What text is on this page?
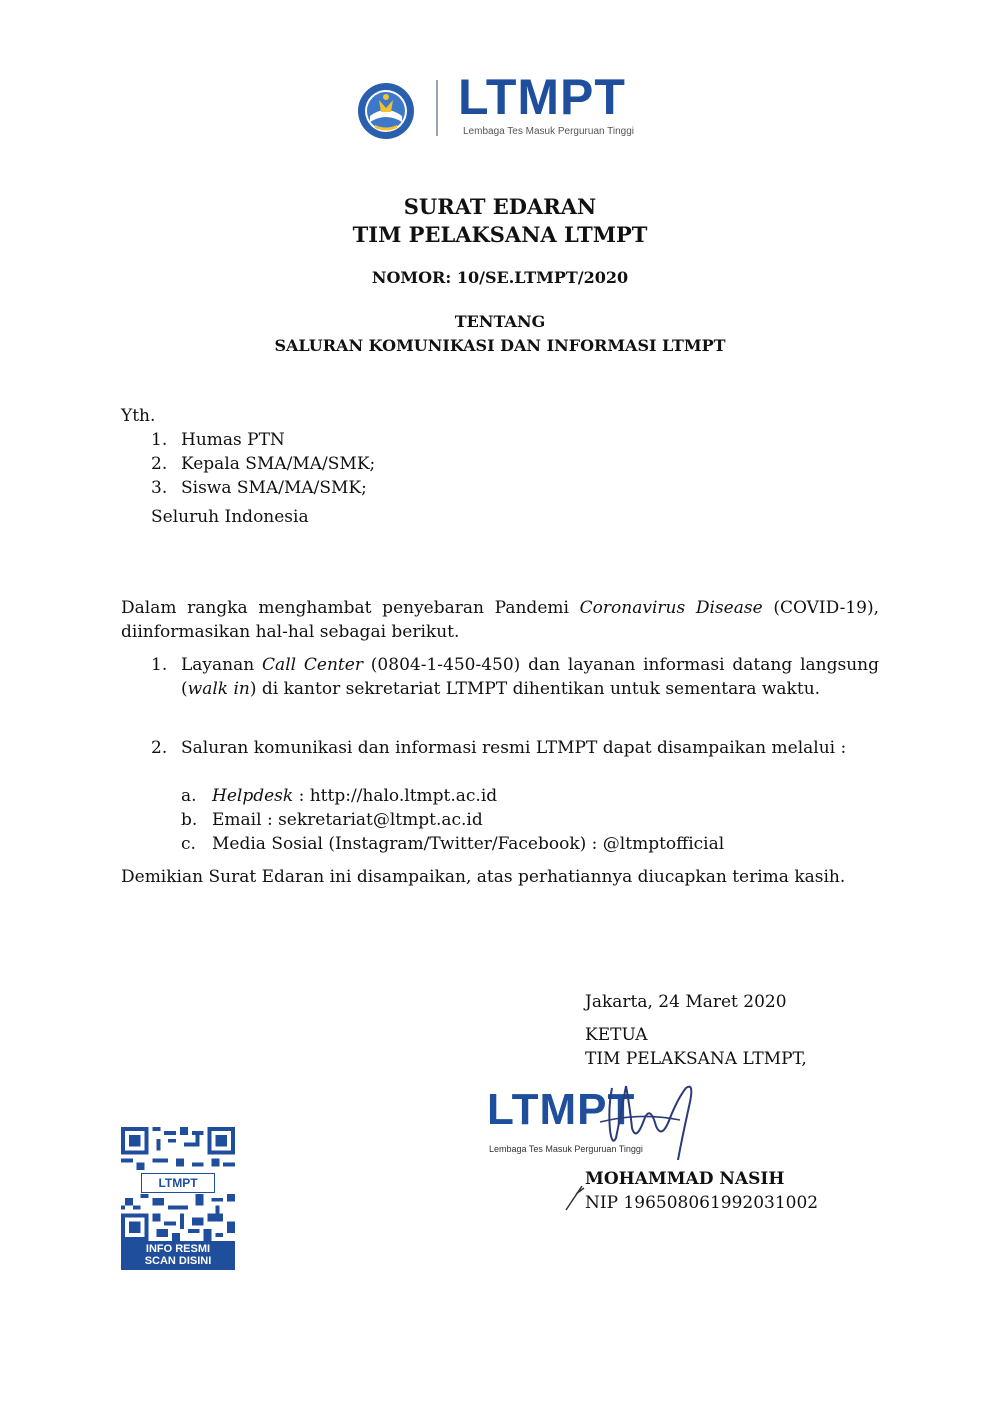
LTMPT
Lembaga Tes Masuk Perguruan Tinggi
SURAT EDARAN
TIM PELAKSANA LTMPT
NOMOR: 10/SE.LTMPT/2020
TENTANG
SALURAN KOMUNIKASI DAN INFORMASI LTMPT
Yth.
1. Humas PTN
2. Kepala SMA/MA/SMK;
3. Siswa SMA/MA/SMK;
Seluruh Indonesia
Dalam rangka menghambat penyebaran Pandemi Coronavirus Disease (COVID-19), diinformasikan hal-hal sebagai berikut.
1. Layanan Call Center (0804-1-450-450) dan layanan informasi datang langsung (walk in) di kantor sekretariat LTMPT dihentikan untuk sementara waktu.
2. Saluran komunikasi dan informasi resmi LTMPT dapat disampaikan melalui :
a. Helpdesk : http://halo.ltmpt.ac.id
b. Email : sekretariat@ltmpt.ac.id
c. Media Sosial (Instagram/Twitter/Facebook) : @ltmptofficial
Demikian Surat Edaran ini disampaikan, atas perhatiannya diucapkan terima kasih.
Jakarta, 24 Maret 2020
KETUA
TIM PELAKSANA LTMPT,
LTMPT
Lembaga Tes Masuk Perguruan Tinggi
MOHAMMAD NASIH
NIP 196508061992031002
LTMPT
INFO RESMI
SCAN DISINI
